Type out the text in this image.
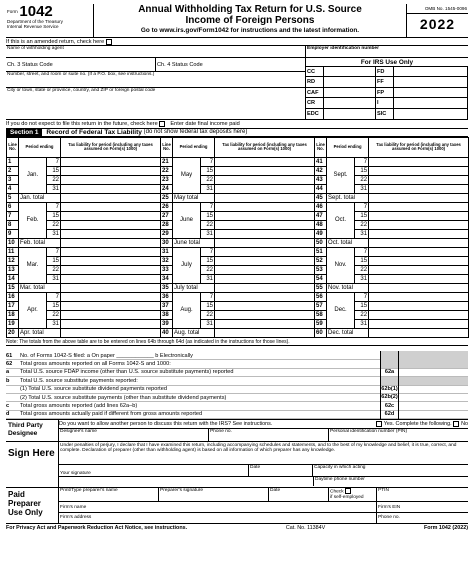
Form
1042
Department of the Treasury
Internal Revenue Service
Annual Withholding Tax Return for U.S. Source
Income of Foreign Persons
Go to www.irs.gov/Form1042 for instructions and the latest information.
OMB No. 1545-0096
2022
If this is an amended return, check here

Name of withholding agent
Ch. 3 Status Code	Ch. 4 Status Code
Number, street, and room or suite no. (If a P.O. box, see instructions.)
City or town, state or province, country, and ZIP or foreign postal code
Employer identification number
For IRS Use Only
CC	FD
RD	FF
CAF	FP
CR	I
EDC	SIC
If you do not expect to file this return in the future, check here

Enter date final income paid
Section 1	Record of Federal Tax Liability
(do not show federal tax deposits here)
Line No.	Period ending		Tax liability for period (including any taxes assumed on Form(s) 1000)	Line No.	Period ending		Tax liability for period (including any taxes assumed on Form(s) 1000)	Line No.	Period ending		Tax liability for period (including any taxes assumed on Form(s) 1000)
1	Jan.	7		21	May	7		41	Sept.	7	
2		15		22		15		42		15	
3		22		23		22		43		22	
4		31		24		31		44		31	
5	Jan. total			25	May total			45	Sept. total		
6	Feb.	7		26	June	7		46	Oct.	7	
7		15		27		15		47		15	
8		22		28		22		48		22	
9		31		29		31		49		31	
10	Feb. total			30	June total			50	Oct. total		
11	Mar.	7		31	July	7		51	Nov.	7	
12		15		32		15		52		15	
13		22		33		22		53		22	
14		31		34		31		54		31	
15	Mar. total			35	July total			55	Nov. total		
16	Apr.	7		36	Aug.	7		56	Dec.	7	
17		15		37		15		57		15	
18		22		38		22		58		22	
19		31		39		31		59		31	
20	Apr. total			40	Aug. total			60	Dec. total		
Note: The totals from the above table are to be entered on lines 64b through 64d (as indicated in the instructions for those lines).
61	No. of Forms 1042-S filed: a On paper ____________ b Electronically
62	Total gross amounts reported on all Forms 1042-S and 1000:
a	Total U.S. source FDAP income (other than U.S. source substitute payments) reported	62a
b	Total U.S. source substitute payments reported:
(1) Total U.S. source substitute dividend payments reported	62b(1)
(2) Total U.S. source substitute payments (other than substitute dividend payments)	62b(2)
c	Total gross amounts reported (add lines 62a–b)	62c
d	Total gross amounts actually paid if different from gross amounts reported	62d
Third Party Designee
Do you want to allow another person to discuss this return with the IRS? See instructions.	Yes. Complete the following.
No
Designee's name	Phone no.	Personal identification number (PIN)
Sign Here
Under penalties of perjury, I declare that I have examined this return, including accompanying schedules and statements, and to the best of my knowledge and belief, it is true, correct, and complete. Declaration of preparer (other than withholding agent) is based on all information of which preparer has any knowledge.
Your signature
Date	Capacity in which acting
Daytime phone number
Paid Preparer Use Only
Print/Type preparer's name	Preparer's signature	Date	Check
if self-employed
PTIN
Firm's name	Firm's EIN
Firm's address	Phone no.
For Privacy Act and Paperwork Reduction Act Notice, see instructions.	Cat. No. 11384V	Form 1042 (2022)
